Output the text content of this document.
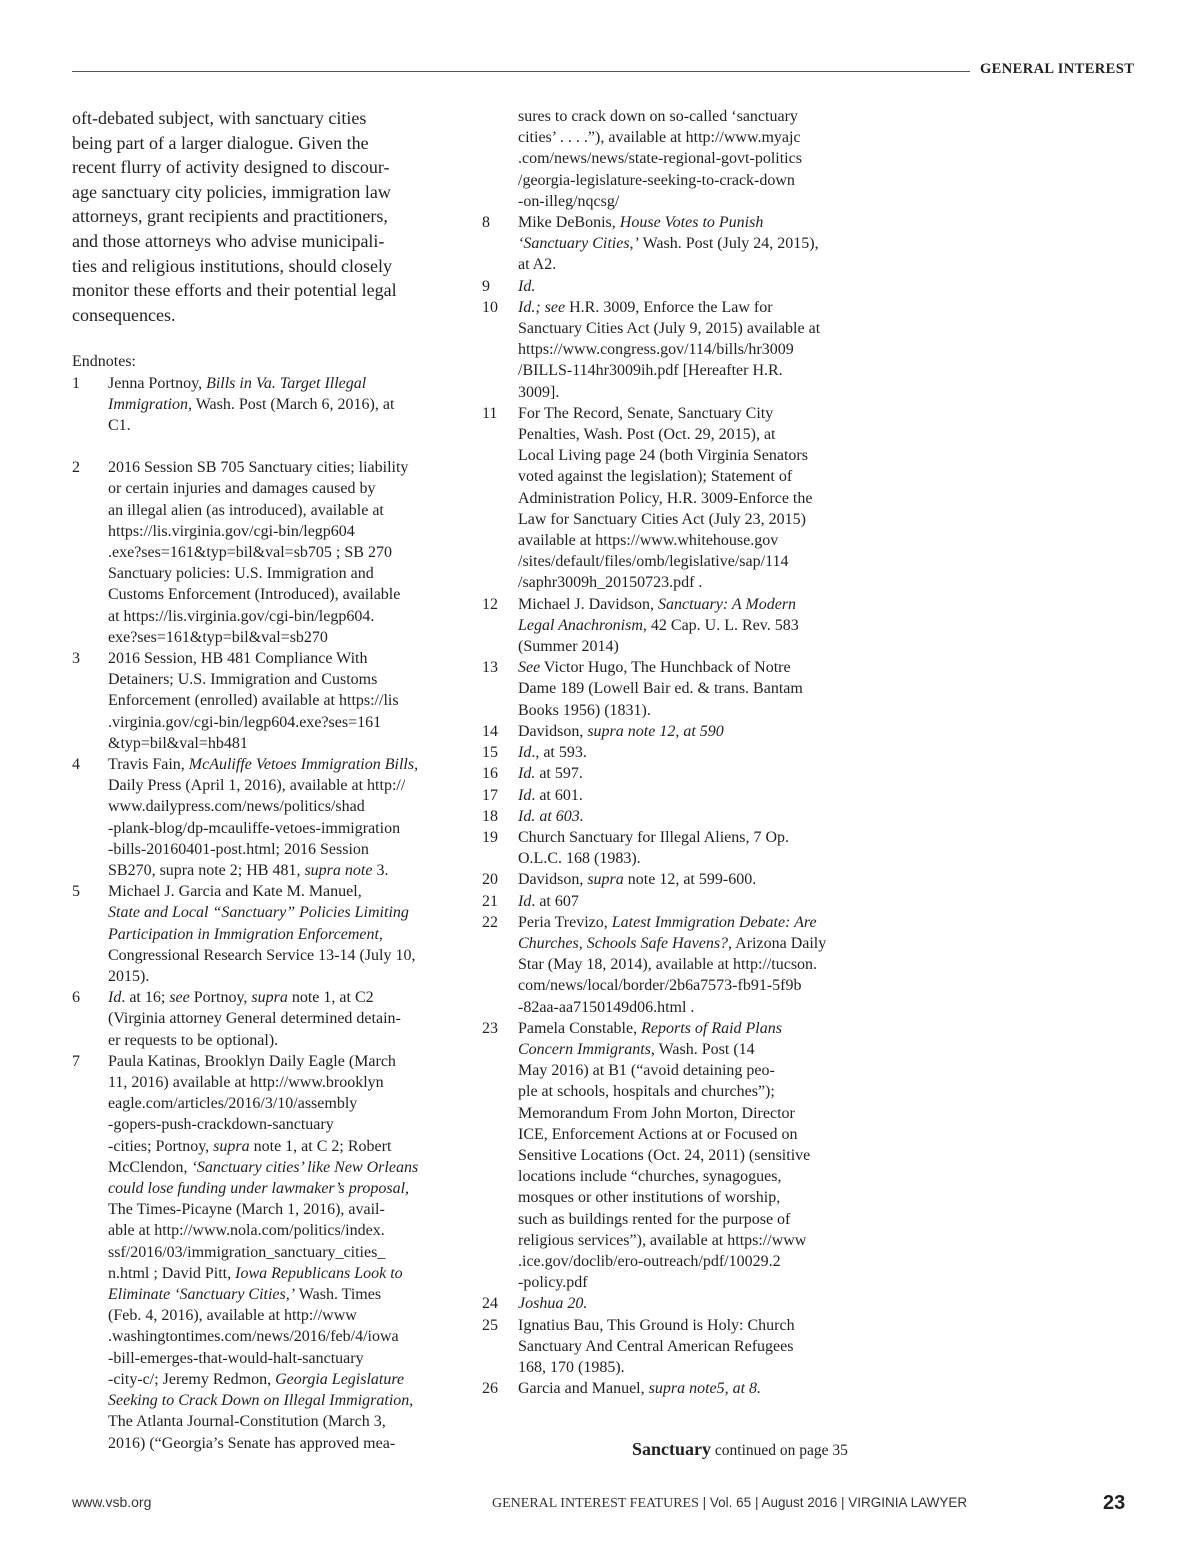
GENERAL INTEREST

oft-debated subject, with sanctuary cities
being part of a larger dialogue. Given the
recent flurry of activity designed to discour-
age sanctuary city policies, immigration law
attorneys, grant recipients and practitioners,
and those attorneys who advise municipali-
ties and religious institutions, should closely
monitor these efforts and their potential legal
consequences.

Endnotes:

1	Jenna Portnoy, Bills in Va. Target Illegal
Immigration, Wash. Post (March 6, 2016), at
C1.
2	2016 Session SB 705 Sanctuary cities; liability
or certain injuries and damages caused by
an illegal alien (as introduced), available at
https://lis.virginia.gov/cgi-bin/legp604
.exe?ses=161&typ=bil&val=sb705 ; SB 270
Sanctuary policies: U.S. Immigration and
Customs Enforcement (Introduced), available
at https://lis.virginia.gov/cgi-bin/legp604.
exe?ses=161&typ=bil&val=sb270
3	2016 Session, HB 481 Compliance With
Detainers; U.S. Immigration and Customs
Enforcement (enrolled) available at https://lis
.virginia.gov/cgi-bin/legp604.exe?ses=161
&typ=bil&val=hb481
4	Travis Fain, McAuliffe Vetoes Immigration Bills,
Daily Press (April 1, 2016), available at http://
www.dailypress.com/news/politics/shad
-plank-blog/dp-mcauliffe-vetoes-immigration
-bills-20160401-post.html; 2016 Session
SB270, supra note 2; HB 481, supra note 3.
5	Michael J. Garcia and Kate M. Manuel,
State and Local “Sanctuary” Policies Limiting
Participation in Immigration Enforcement,
Congressional Research Service 13-14 (July 10,
2015).
6	Id. at 16; see Portnoy, supra note 1, at C2
(Virginia attorney General determined detain-
er requests to be optional).
7	Paula Katinas, Brooklyn Daily Eagle (March
11, 2016) available at http://www.brooklyn
eagle.com/articles/2016/3/10/assembly
-gopers-push-crackdown-sanctuary
-cities; Portnoy, supra note 1, at C 2; Robert
McClendon, ‘Sanctuary cities’ like New Orleans
could lose funding under lawmaker’s proposal,
The Times-Picayne (March 1, 2016), avail-
able at http://www.nola.com/politics/index.
ssf/2016/03/immigration_sanctuary_cities_
n.html ; David Pitt, Iowa Republicans Look to
Eliminate ‘Sanctuary Cities,’ Wash. Times
(Feb. 4, 2016), available at http://www
.washingtontimes.com/news/2016/feb/4/iowa
-bill-emerges-that-would-halt-sanctuary
-city-c/; Jeremy Redmon, Georgia Legislature
Seeking to Crack Down on Illegal Immigration,
The Atlanta Journal-Constitution (March 3,
2016) (“Georgia’s Senate has approved mea-
sures to crack down on so-called ‘sanctuary
cities’ . . . .”), available at http://www.myajc
.com/news/news/state-regional-govt-politics
/georgia-legislature-seeking-to-crack-down
-on-illeg/nqcsg/
8	Mike DeBonis, House Votes to Punish
‘Sanctuary Cities,’ Wash. Post (July 24, 2015),
at A2.
9	Id.
10	Id.; see H.R. 3009, Enforce the Law for
Sanctuary Cities Act (July 9, 2015) available at
https://www.congress.gov/114/bills/hr3009
/BILLS-114hr3009ih.pdf [Hereafter H.R.
3009].
11	For The Record, Senate, Sanctuary City
Penalties, Wash. Post (Oct. 29, 2015), at
Local Living page 24 (both Virginia Senators
voted against the legislation); Statement of
Administration Policy, H.R. 3009-Enforce the
Law for Sanctuary Cities Act (July 23, 2015)
available at https://www.whitehouse.gov
/sites/default/files/omb/legislative/sap/114
/saphr3009h_20150723.pdf .
12	Michael J. Davidson, Sanctuary: A Modern
Legal Anachronism, 42 Cap. U. L. Rev. 583
(Summer 2014)
13	See Victor Hugo, The Hunchback of Notre
Dame 189 (Lowell Bair ed. & trans. Bantam
Books 1956) (1831).
14	Davidson, supra note 12, at 590
15	Id., at 593.
16	Id. at 597.
17	Id. at 601.
18	Id. at 603.
19	Church Sanctuary for Illegal Aliens, 7 Op.
O.L.C. 168 (1983).
20	Davidson, supra note 12, at 599-600.
21	Id. at 607
22	Peria Trevizo, Latest Immigration Debate: Are
Churches, Schools Safe Havens?, Arizona Daily
Star (May 18, 2014), available at http://tucson.
com/news/local/border/2b6a7573-fb91-5f9b
-82aa-aa7150149d06.html .
23	Pamela Constable, Reports of Raid Plans
Concern Immigrants, Wash. Post (14
May 2016) at B1 (“avoid detaining peo-
ple at schools, hospitals and churches”);
Memorandum From John Morton, Director
ICE, Enforcement Actions at or Focused on
Sensitive Locations (Oct. 24, 2011) (sensitive
locations include “churches, synagogues,
mosques or other institutions of worship,
such as buildings rented for the purpose of
religious services”), available at https://www
.ice.gov/doclib/ero-outreach/pdf/10029.2
-policy.pdf
24	Joshua 20.
25	Ignatius Bau, This Ground is Holy: Church
Sanctuary And Central American Refugees
168, 170 (1985).
26	Garcia and Manuel, supra note5, at 8.
Sanctuary continued on page 35
www.vsb.org	GENERAL INTEREST FEATURES | Vol. 65 | August 2016 | VIRGINIA LAWYER	23
